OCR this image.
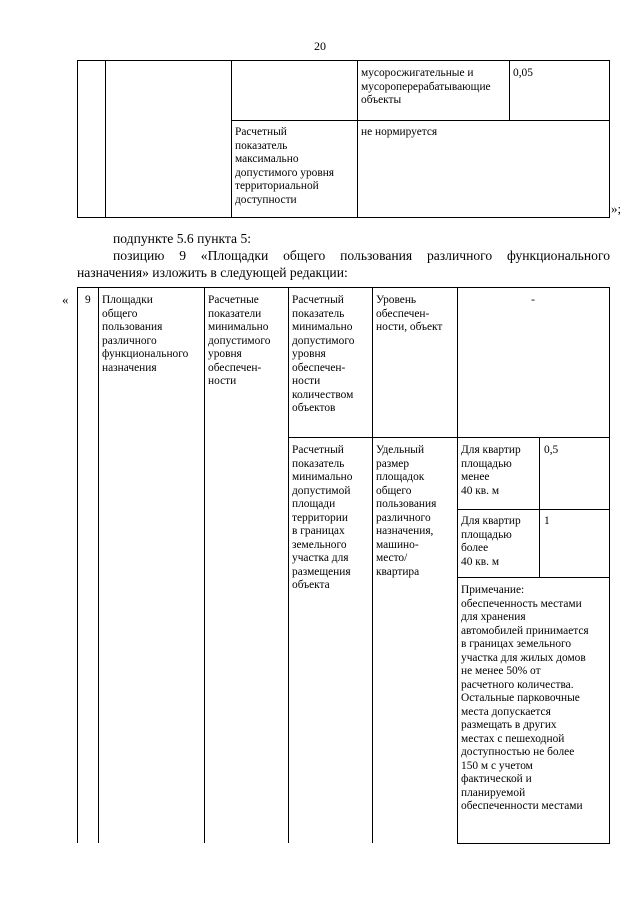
20
мусоросжигательные и
мусороперерабатывающие
объекты
0,05
Расчетный
показатель
максимально
допустимого уровня
территориальной
доступности
не нормируется
»;
подпункте 5.6 пункта 5:
позицию 9 «Площадки общего пользования различного функционального
назначения» изложить в следующей редакции:
« 9 Площадки
общего
пользования
различного
функционального
назначения
Расчетные
показатели
минимально
допустимого
уровня
обеспечен-
ности
Расчетный
показатель
минимально
допустимого
уровня
обеспечен-
ности
количеством
объектов
Уровень
обеспечен-
ности, объект
-
Расчетный
показатель
минимально
допустимой
площади
территории
в границах
земельного
участка для
размещения
объекта
Удельный
размер
площадок
общего
пользования
различного
назначения,
машино-
место/
квартира
Для квартир
площадью
менее
40 кв. м
0,5
Для квартир
площадью
более
40 кв. м
1
Примечание:
обеспеченность местами
для хранения
автомобилей принимается
в границах земельного
участка для жилых домов
не менее 50% от
расчетного количества.
Остальные парковочные
места допускается
размещать в других
местах с пешеходной
доступностью не более
150 м с учетом
фактической и
планируемой
обеспеченности местами
